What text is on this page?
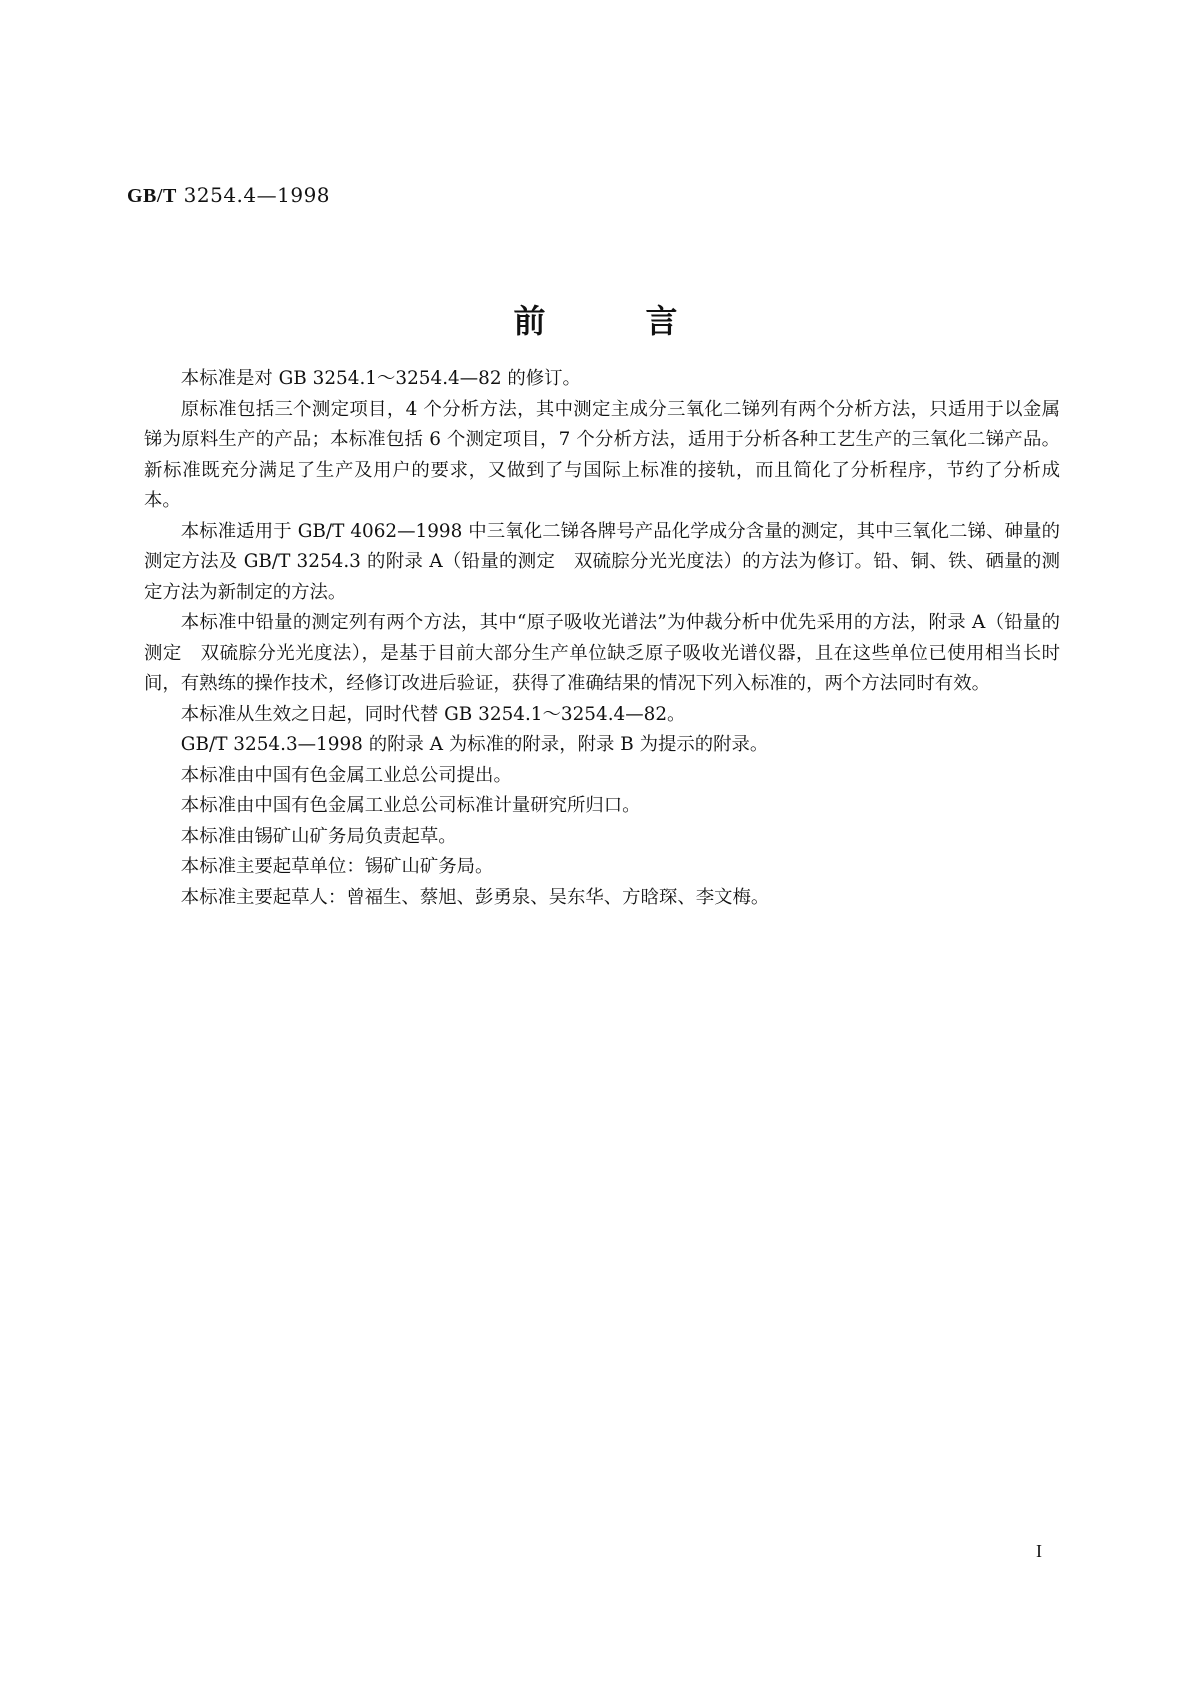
GB/T 3254.4—1998
前言

本标准是对 GB 3254.1～3254.4—82 的修订。

原标准包括三个测定项目，4 个分析方法，其中测定主成分三氧化二锑列有两个分析方法，只适用于以金属锑为原料生产的产品；本标准包括 6 个测定项目，7 个分析方法，适用于分析各种工艺生产的三氧化二锑产品。新标准既充分满足了生产及用户的要求，又做到了与国际上标准的接轨，而且简化了分析程序，节约了分析成本。

本标准适用于 GB/T 4062—1998 中三氧化二锑各牌号产品化学成分含量的测定，其中三氧化二锑、砷量的测定方法及 GB/T 3254.3 的附录 A（铅量的测定　双硫腙分光光度法）的方法为修订。铅、铜、铁、硒量的测定方法为新制定的方法。

本标准中铅量的测定列有两个方法，其中“原子吸收光谱法”为仲裁分析中优先采用的方法，附录 A（铅量的测定　双硫腙分光光度法），是基于目前大部分生产单位缺乏原子吸收光谱仪器，且在这些单位已使用相当长时间，有熟练的操作技术，经修订改进后验证，获得了准确结果的情况下列入标准的，两个方法同时有效。

本标准从生效之日起，同时代替 GB 3254.1～3254.4—82。

GB/T 3254.3—1998 的附录 A 为标准的附录，附录 B 为提示的附录。

本标准由中国有色金属工业总公司提出。

本标准由中国有色金属工业总公司标准计量研究所归口。

本标准由锡矿山矿务局负责起草。

本标准主要起草单位：锡矿山矿务局。

本标准主要起草人：曾福生、蔡旭、彭勇泉、吴东华、方晗琛、李文梅。

I
